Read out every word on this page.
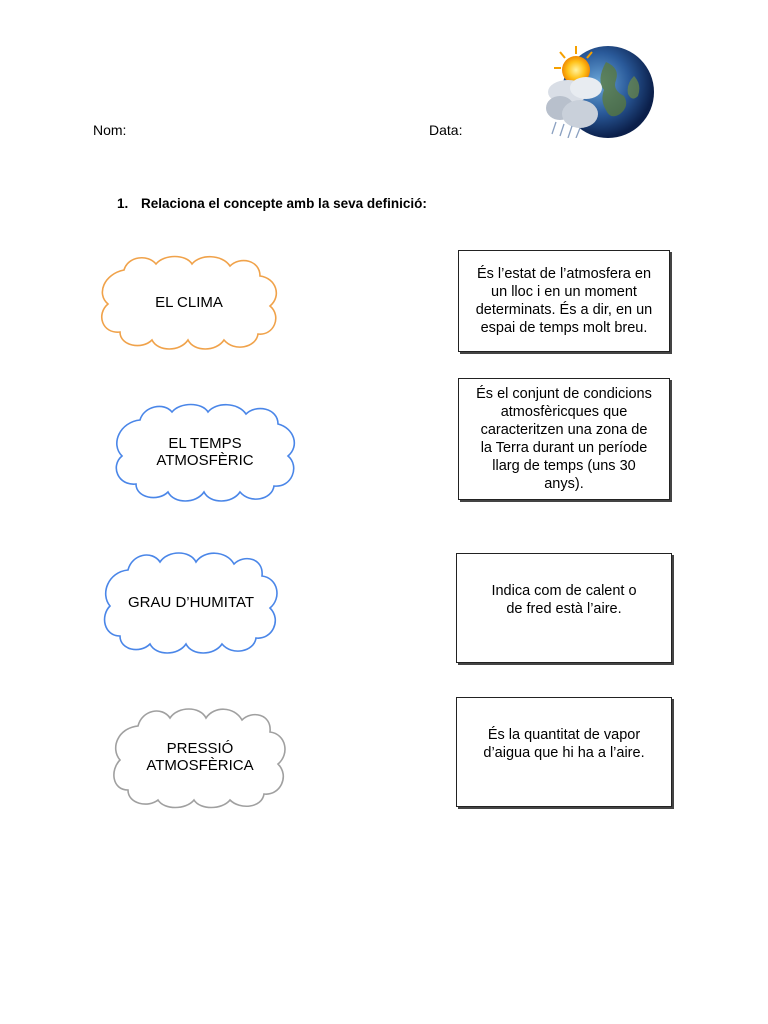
Nom:	Data:
1. Relaciona el concepte amb la seva definició:
EL CLIMA
EL TEMPS
ATMOSFÈRIC
GRAU D’HUMITAT
PRESSIÓ
ATMOSFÈRICA
És l’estat de l’atmosfera en
un lloc i en un moment
determinats. És a dir, en un
espai de temps molt breu.
És el conjunt de condicions
atmosfèricques que
caracteritzen una zona de
la Terra durant un període
llarg de temps (uns 30
anys).
Indica com de calent o
de fred està l’aire.
És la quantitat de vapor
d’aigua que hi ha a l’aire.
